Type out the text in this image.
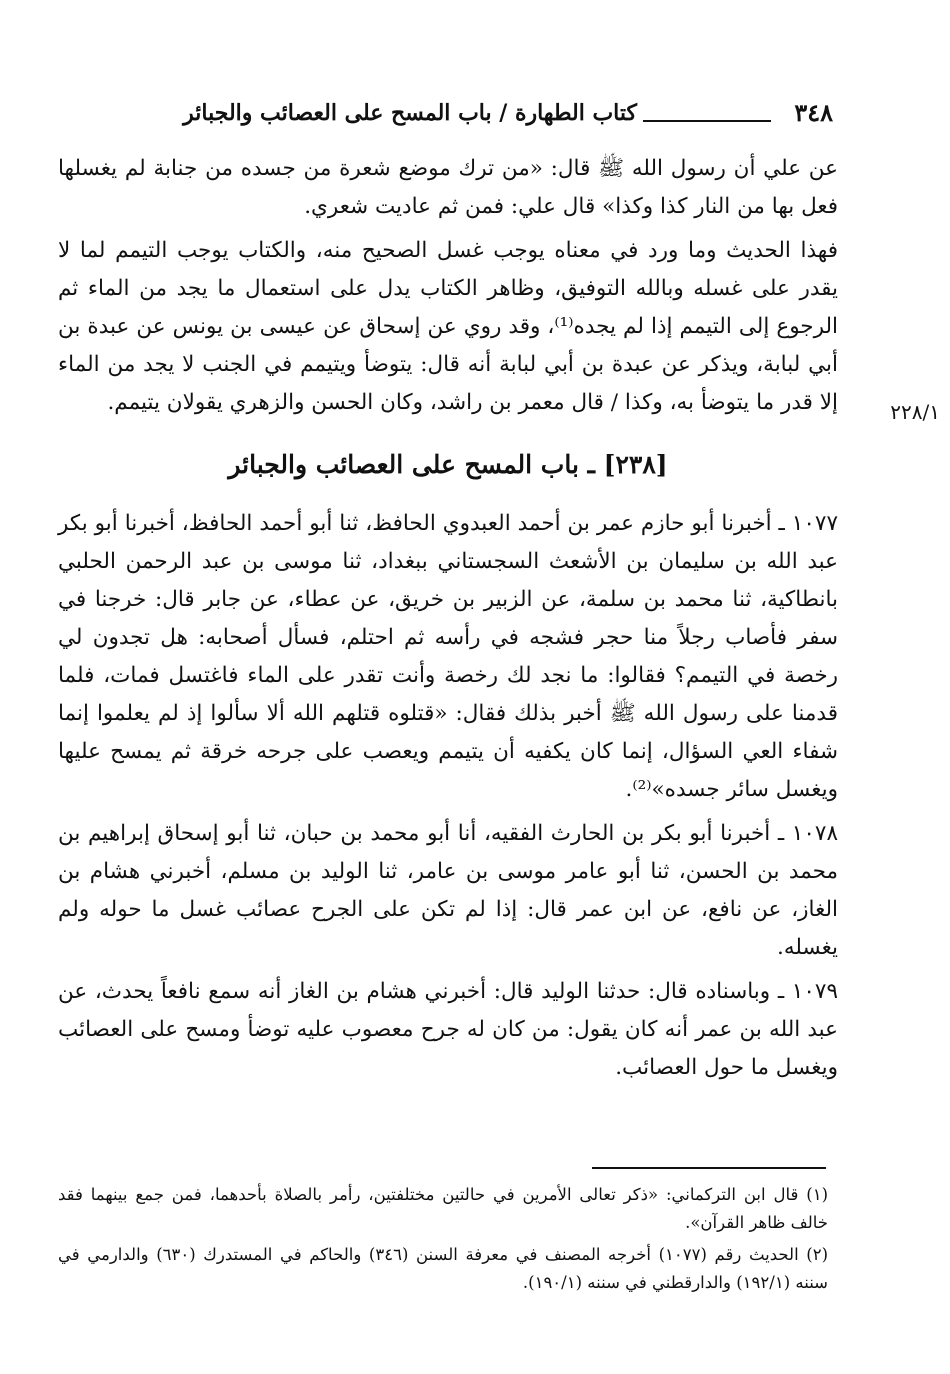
٣٤٨
كتاب الطهارة / باب المسح على العصائب والجبائر

عن علي أن رسول الله ﷺ قال: «من ترك موضع شعرة من جسده من جنابة لم يغسلها فعل بها من النار كذا وكذا» قال علي: فمن ثم عاديت شعري.

فهذا الحديث وما ورد في معناه يوجب غسل الصحيح منه، والكتاب يوجب التيمم لما لا يقدر على غسله وبالله التوفيق، وظاهر الكتاب يدل على استعمال ما يجد من الماء ثم الرجوع إلى التيمم إذا لم يجده⁽¹⁾، وقد روي عن إسحاق عن عيسى بن يونس عن عبدة بن أبي لبابة، ويذكر عن عبدة بن أبي لبابة أنه قال: يتوضأ ويتيمم في الجنب لا يجد من الماء إلا قدر ما يتوضأ به، وكذا / قال معمر بن راشد، وكان الحسن والزهري يقولان يتيمم.	٢٢٨/١
[٢٣٨] ـ باب المسح على العصائب والجبائر

١٠٧٧ ـ أخبرنا أبو حازم عمر بن أحمد العبدوي الحافظ، ثنا أبو أحمد الحافظ، أخبرنا أبو بكر عبد الله بن سليمان بن الأشعث السجستاني ببغداد، ثنا موسى بن عبد الرحمن الحلبي بانطاكية، ثنا محمد بن سلمة، عن الزبير بن خريق، عن عطاء، عن جابر قال: خرجنا في سفر فأصاب رجلاً منا حجر فشجه في رأسه ثم احتلم، فسأل أصحابه: هل تجدون لي رخصة في التيمم؟ فقالوا: ما نجد لك رخصة وأنت تقدر على الماء فاغتسل فمات، فلما قدمنا على رسول الله ﷺ أخبر بذلك فقال: «قتلوه قتلهم الله ألا سألوا إذ لم يعلموا إنما شفاء العي السؤال، إنما كان يكفيه أن يتيمم ويعصب على جرحه خرقة ثم يمسح عليها ويغسل سائر جسده»⁽²⁾.

١٠٧٨ ـ أخبرنا أبو بكر بن الحارث الفقيه، أنا أبو محمد بن حبان، ثنا أبو إسحاق إبراهيم بن محمد بن الحسن، ثنا أبو عامر موسى بن عامر، ثنا الوليد بن مسلم، أخبرني هشام بن الغاز، عن نافع، عن ابن عمر قال: إذا لم تكن على الجرح عصائب غسل ما حوله ولم يغسله.

١٠٧٩ ـ وباسناده قال: حدثنا الوليد قال: أخبرني هشام بن الغاز أنه سمع نافعاً يحدث، عن عبد الله بن عمر أنه كان يقول: من كان له جرح معصوب عليه توضأ ومسح على العصائب ويغسل ما حول العصائب.

(١) قال ابن التركماني: «ذكر تعالى الأمرين في حالتين مختلفتين، رأمر بالصلاة بأحدهما، فمن جمع بينهما فقد خالف ظاهر القرآن».

(٢) الحديث رقم (١٠٧٧) أخرجه المصنف في معرفة السنن (٣٤٦) والحاكم في المستدرك (٦٣٠) والدارمي في سننه (١٩٢/١) والدارقطني في سننه (١٩٠/١).
